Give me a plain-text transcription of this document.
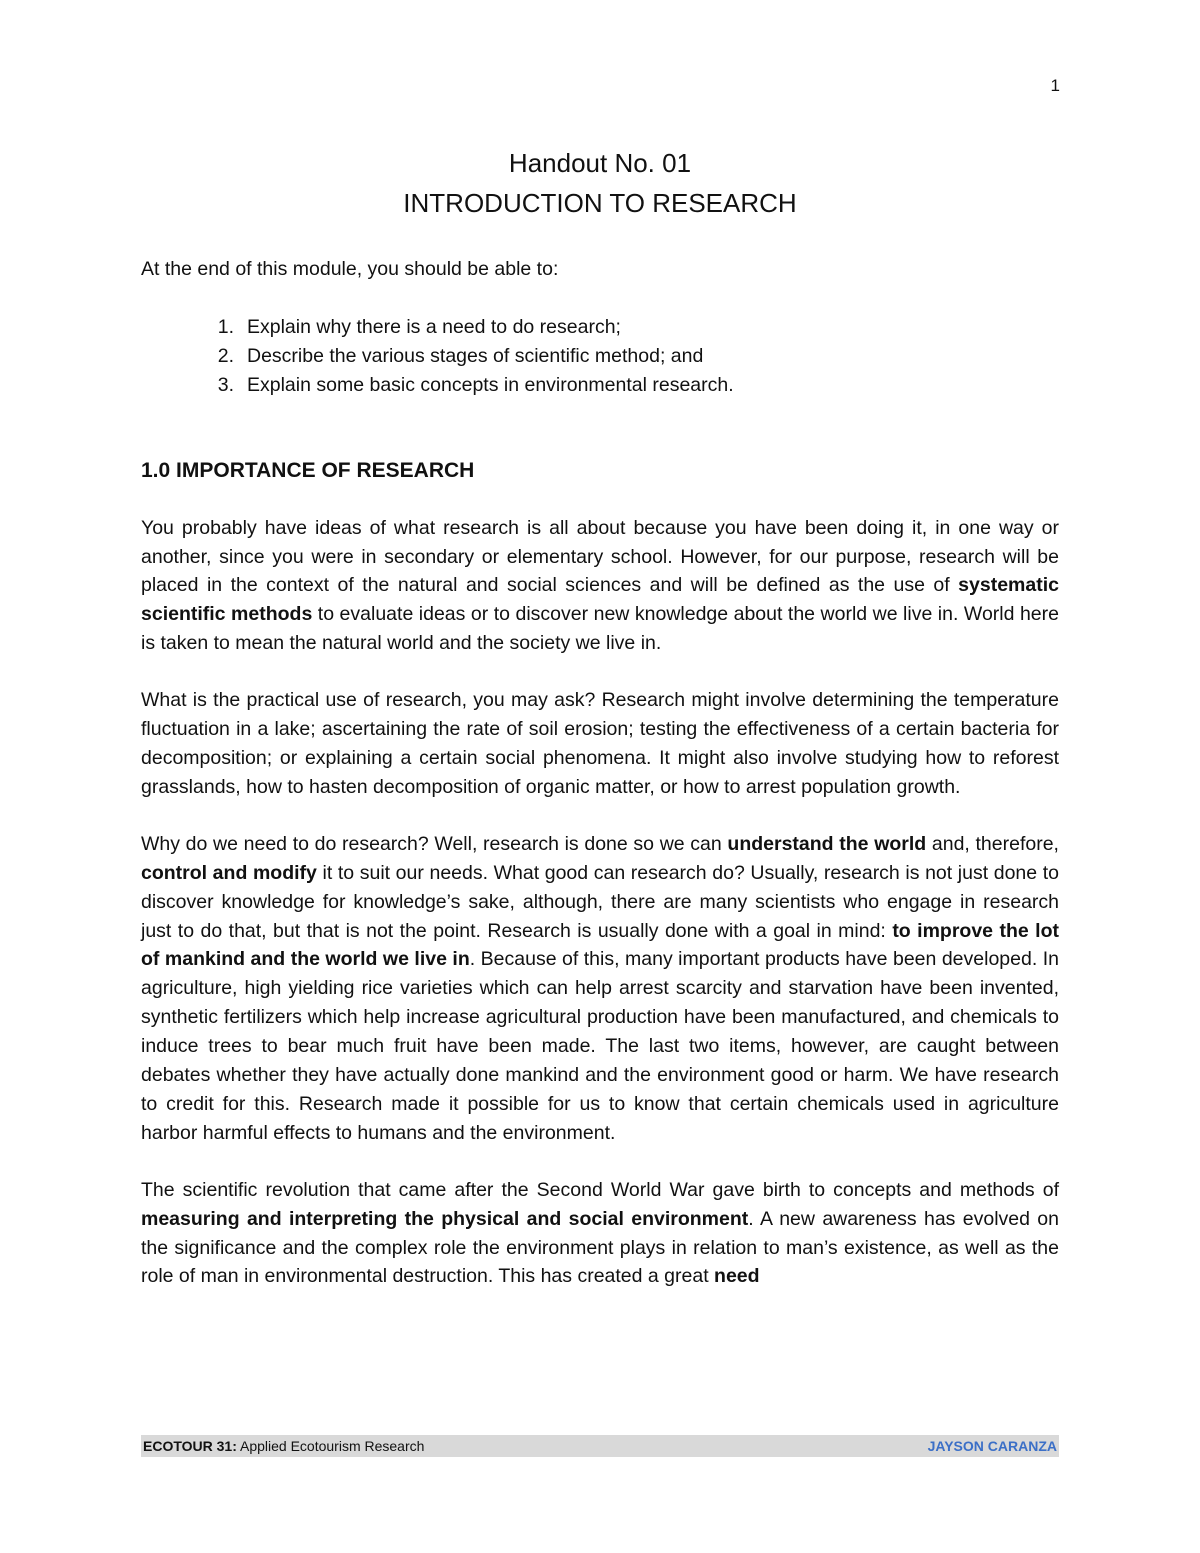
1
Handout No. 01
INTRODUCTION TO RESEARCH

At the end of this module, you should be able to:

1. Explain why there is a need to do research;
2. Describe the various stages of scientific method; and
3. Explain some basic concepts in environmental research.
1.0 IMPORTANCE OF RESEARCH

You probably have ideas of what research is all about because you have been doing it, in one way or another, since you were in secondary or elementary school. However, for our purpose, research will be placed in the context of the natural and social sciences and will be defined as the use of systematic scientific methods to evaluate ideas or to discover new knowledge about the world we live in. World here is taken to mean the natural world and the society we live in.

What is the practical use of research, you may ask? Research might involve determining the temperature fluctuation in a lake; ascertaining the rate of soil erosion; testing the effectiveness of a certain bacteria for decomposition; or explaining a certain social phenomena. It might also involve studying how to reforest grasslands, how to hasten decomposition of organic matter, or how to arrest population growth.

Why do we need to do research? Well, research is done so we can understand the world and, therefore, control and modify it to suit our needs. What good can research do? Usually, research is not just done to discover knowledge for knowledge’s sake, although, there are many scientists who engage in research just to do that, but that is not the point. Research is usually done with a goal in mind: to improve the lot of mankind and the world we live in. Because of this, many important products have been developed. In agriculture, high yielding rice varieties which can help arrest scarcity and starvation have been invented, synthetic fertilizers which help increase agricultural production have been manufactured, and chemicals to induce trees to bear much fruit have been made. The last two items, however, are caught between debates whether they have actually done mankind and the environment good or harm. We have research to credit for this. Research made it possible for us to know that certain chemicals used in agriculture harbor harmful effects to humans and the environment.

The scientific revolution that came after the Second World War gave birth to concepts and methods of measuring and interpreting the physical and social environment. A new awareness has evolved on the significance and the complex role the environment plays in relation to man’s existence, as well as the role of man in environmental destruction. This has created a great need

ECOTOUR 31: Applied Ecotourism Research	JAYSON CARANZA
